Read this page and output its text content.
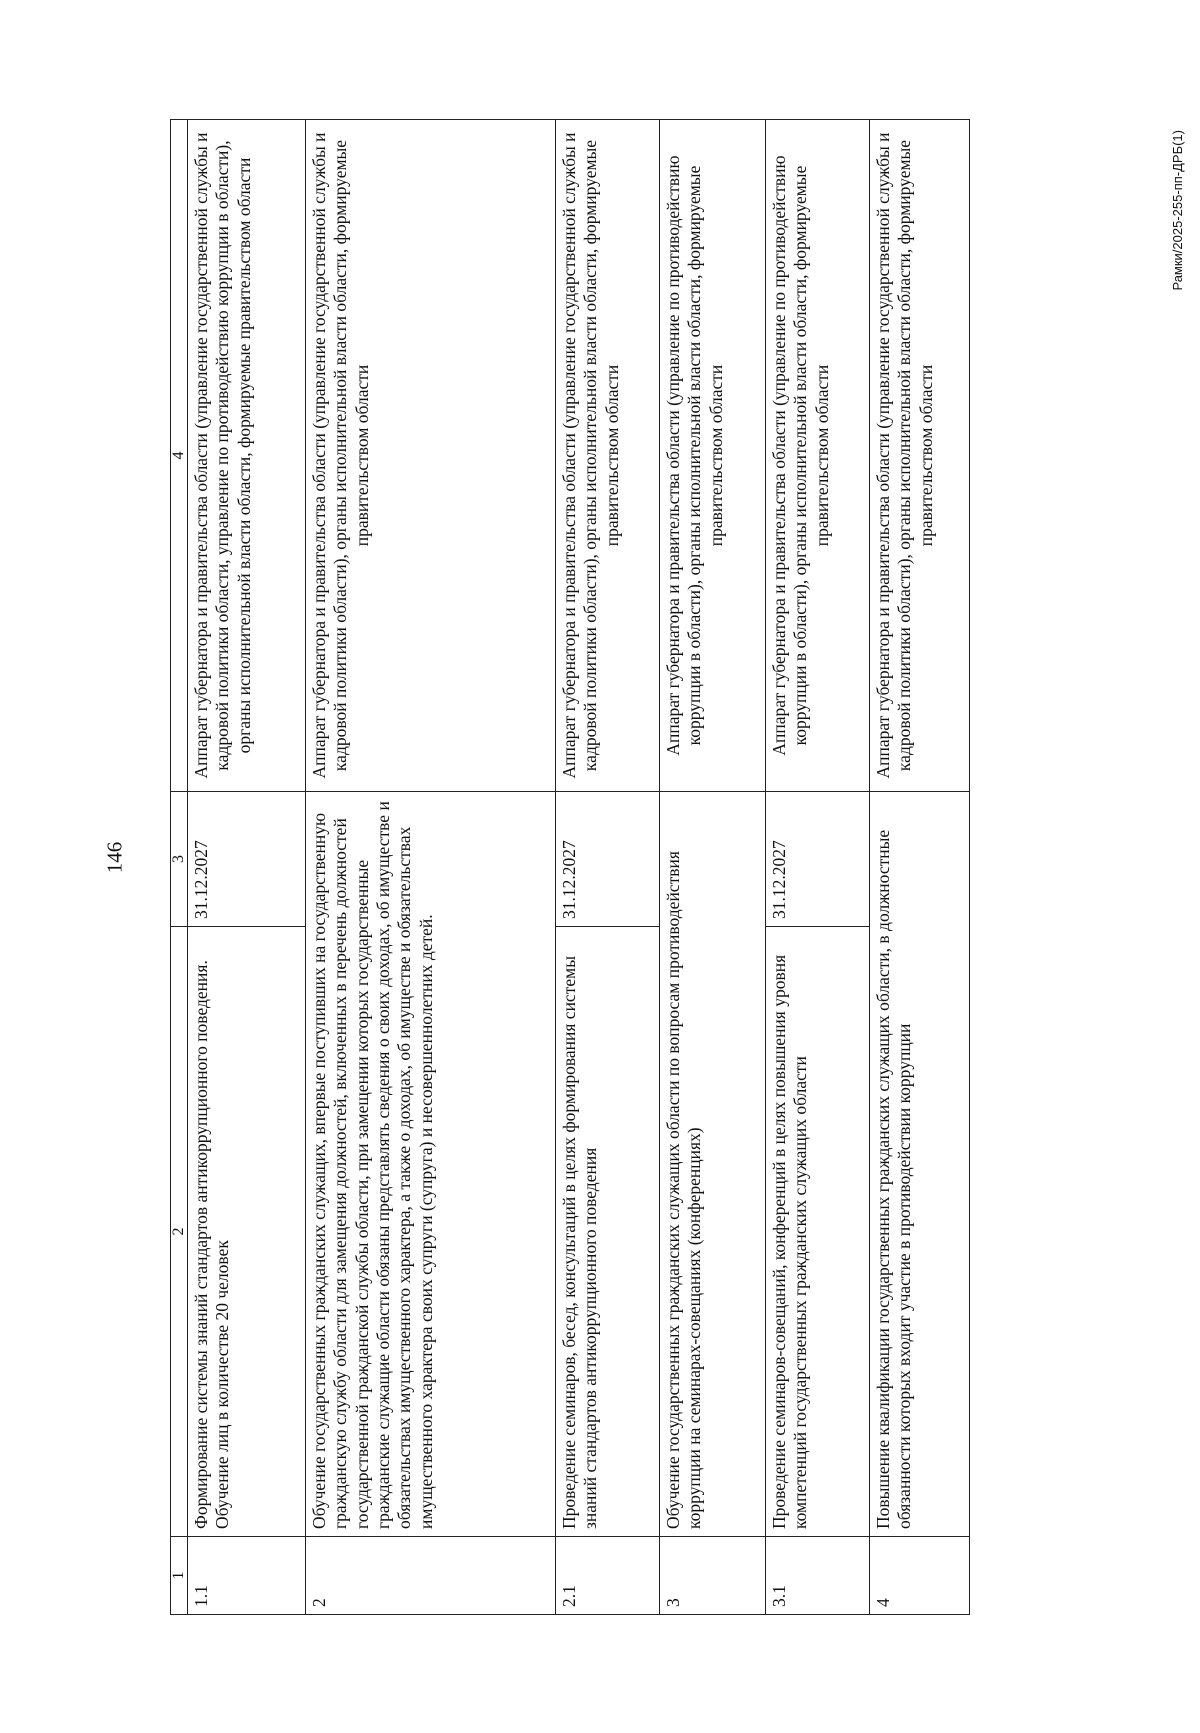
146
1	2	3	4
1.1	Формирование системы знаний стандартов антикоррупционного поведения. Обучение лиц в количестве 20 человек	31.12.2027	Аппарат губернатора и правительства области (управление государственной службы и кадровой политики области, управление по противодействию коррупции в области), органы исполнительной власти области, формируемые правительством области
2	Обучение государственных гражданских служащих, впервые поступивших на государственную гражданскую службу области для замещения должностей, включенных в перечень должностей государственной гражданской службы области, при замещении которых государственные гражданские служащие области обязаны представлять сведения о своих доходах, об имуществе и обязательствах имущественного характера, а также о доходах, об имуществе и обязательствах имущественного характера своих супруги (супруга) и несовершеннолетних детей.		Аппарат губернатора и правительства области (управление государственной службы и кадровой политики области), органы исполнительной власти области, формируемые правительством области
2.1	Проведение семинаров, бесед, консультаций в целях формирования системы знаний стандартов антикоррупционного поведения	31.12.2027	Аппарат губернатора и правительства области (управление государственной службы и кадровой политики области), органы исполнительной власти области, формируемые правительством области
3	Обучение государственных гражданских служащих области по вопросам противодействия коррупции на семинарах-совещаниях (конференциях)		Аппарат губернатора и правительства области (управление по противодействию коррупции в области), органы исполнительной власти области, формируемые правительством области
3.1	Проведение семинаров-совещаний, конференций в целях повышения уровня компетенций государственных гражданских служащих области	31.12.2027	Аппарат губернатора и правительства области (управление по противодействию коррупции в области), органы исполнительной власти области, формируемые правительством области
4	Повышение квалификации государственных гражданских служащих области, в должностные обязанности которых входит участие в противодействии коррупции		Аппарат губернатора и правительства области (управление государственной службы и кадровой политики области), органы исполнительной власти области, формируемые правительством области
Рамки/2025-255-пп-ДРБ(1)
